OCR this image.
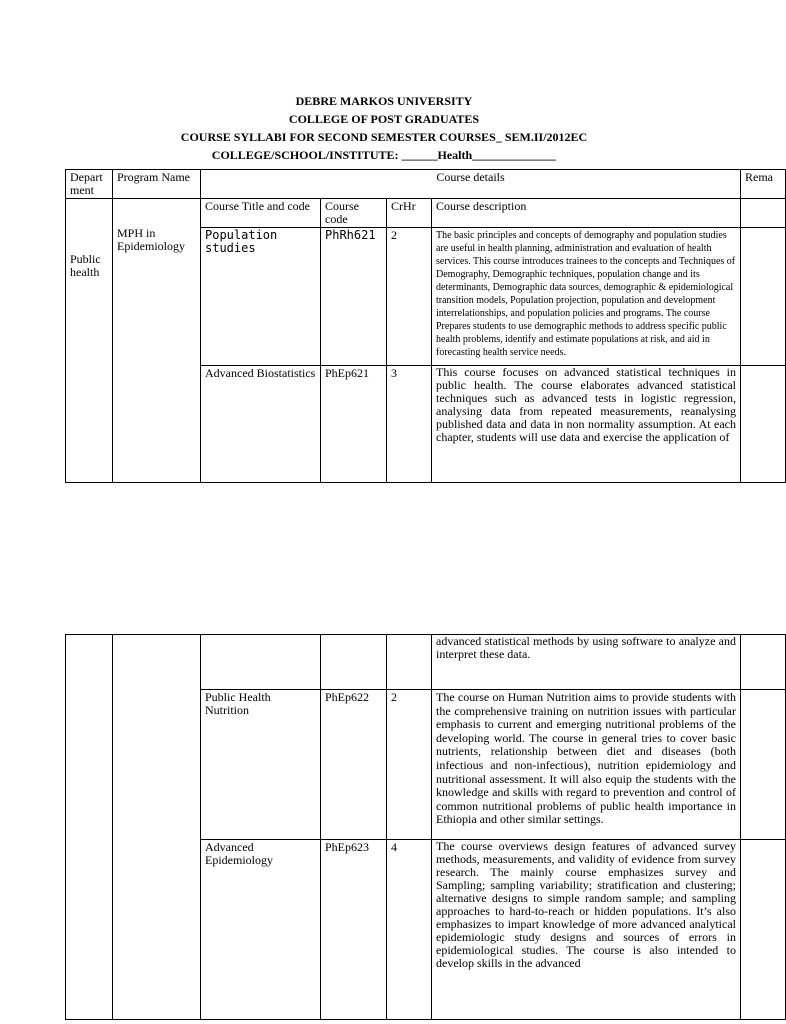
DEBRE MARKOS UNIVERSITY
COLLEGE OF POST GRADUATES
COURSE SYLLABI FOR SECOND SEMESTER COURSES_ SEM.II/2012EC
COLLEGE/SCHOOL/INSTITUTE: ______Health______________
Depart ment	Program Name	Course details				Rema
Public health	MPH in Epidemiology	Course Title and code	Course code	CrHr	Course description	
		Population studies	PhRh621	2	The basic principles and concepts of demography and population studies are useful in health planning, administration and evaluation of health services. This course introduces trainees to the concepts and Techniques of Demography, Demographic techniques, population change and its determinants, Demographic data sources, demographic & epidemiological transition models, Population projection, population and development interrelationships, and population policies and programs. The course Prepares students to use demographic methods to address specific public health problems, identify and estimate populations at risk, and aid in forecasting health service needs.	
		Advanced Biostatistics	PhEp621	3	This course focuses on advanced statistical techniques in public health. The course elaborates advanced statistical techniques such as advanced tests in logistic regression, analysing data from repeated measurements, reanalysing published data and data in non normality assumption. At each chapter, students will use data and exercise the application of	

					advanced statistical methods by using software to analyze and interpret these data.	
		Public Health Nutrition	PhEp622	2	The course on Human Nutrition aims to provide students with the comprehensive training on nutrition issues with particular emphasis to current and emerging nutritional problems of the developing world. The course in general tries to cover basic nutrients, relationship between diet and diseases (both infectious and non-infectious), nutrition epidemiology and nutritional assessment. It will also equip the students with the knowledge and skills with regard to prevention and control of common nutritional problems of public health importance in Ethiopia and other similar settings.	
		Advanced Epidemiology	PhEp623	4	The course overviews design features of advanced survey methods, measurements, and validity of evidence from survey research. The mainly course emphasizes survey and Sampling; sampling variability; stratification and clustering; alternative designs to simple random sample; and sampling approaches to hard-to-reach or hidden populations. It’s also emphasizes to impart knowledge of more advanced analytical epidemiologic study designs and sources of errors in epidemiological studies. The course is also intended to develop skills in the advanced	
